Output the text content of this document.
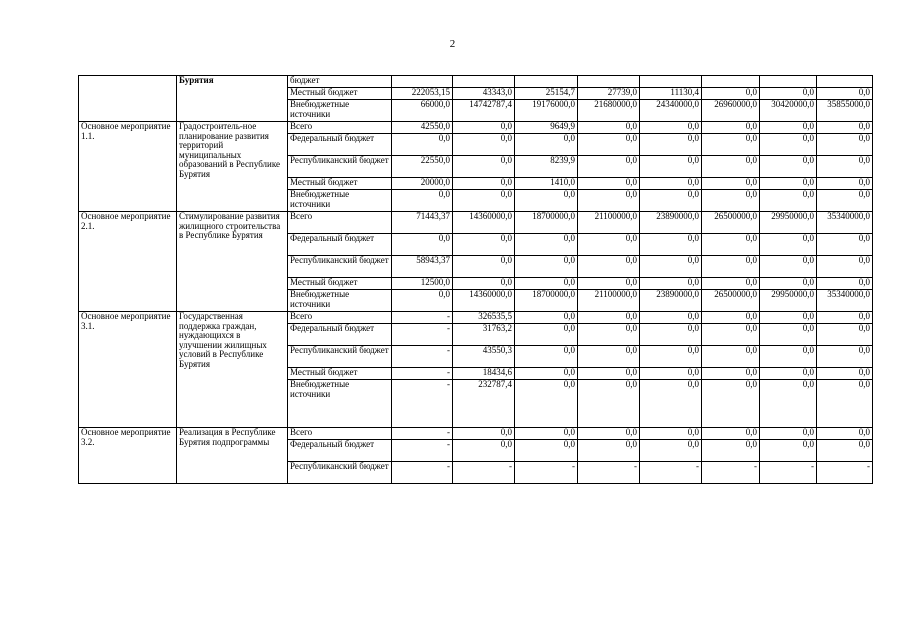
2
	Бурятия	бюджет	

		Местный бюджет	222053,15	43343,0	25154,7	27739,0	11130,4	0,0	0,0	0,0

		Внебюджетные источники	66000,0	14742787,4	19176000,0	21680000,0	24340000,0	26960000,0	30420000,0	35855000,0

Основное мероприятие 1.1.	Градостроитель-ное планирование развития территорий муниципальных образований в Республике Бурятия	Всего	42550,0	0,0	9649,9	0,0	0,0	0,0	0,0	0,0

		Федеральный бюджет	0,0	0,0	0,0	0,0	0,0	0,0	0,0	0,0

		Республиканский бюджет	22550,0	0,0	8239,9	0,0	0,0	0,0	0,0	0,0

		Местный бюджет	20000,0	0,0	1410,0	0,0	0,0	0,0	0,0	0,0

		Внебюджетные источники	0,0	0,0	0,0	0,0	0,0	0,0	0,0	0,0

Основное мероприятие 2.1.	Стимулирование развития жилищного строительства в Республике Бурятия	Всего	71443,37	14360000,0	18700000,0	21100000,0	23890000,0	26500000,0	29950000,0	35340000,0

		Федеральный бюджет	0,0	0,0	0,0	0,0	0,0	0,0	0,0	0,0

		Республиканский бюджет	58943,37	0,0	0,0	0,0	0,0	0,0	0,0	0,0

		Местный бюджет	12500,0	0,0	0,0	0,0	0,0	0,0	0,0	0,0

		Внебюджетные источники	0,0	14360000,0	18700000,0	21100000,0	23890000,0	26500000,0	29950000,0	35340000,0

Основное мероприятие 3.1.	Государственная поддержка граждан, нуждающихся в улучшении жилищных условий в Республике Бурятия	Всего	-	326535,5	0,0	0,0	0,0	0,0	0,0	0,0

		Федеральный бюджет	-	31763,2	0,0	0,0	0,0	0,0	0,0	0,0

		Республиканский бюджет	-	43550,3	0,0	0,0	0,0	0,0	0,0	0,0

		Местный бюджет	-	18434,6	0,0	0,0	0,0	0,0	0,0	0,0

		Внебюджетные источники	-	232787,4	0,0	0,0	0,0	0,0	0,0	0,0

Основное мероприятие 3.2.	Реализация в Республике Бурятия подпрограммы	Всего	-	0,0	0,0	0,0	0,0	0,0	0,0	0,0

		Федеральный бюджет	-	0,0	0,0	0,0	0,0	0,0	0,0	0,0

		Республиканский бюджет	-	-	-	-	-	-	-	-
